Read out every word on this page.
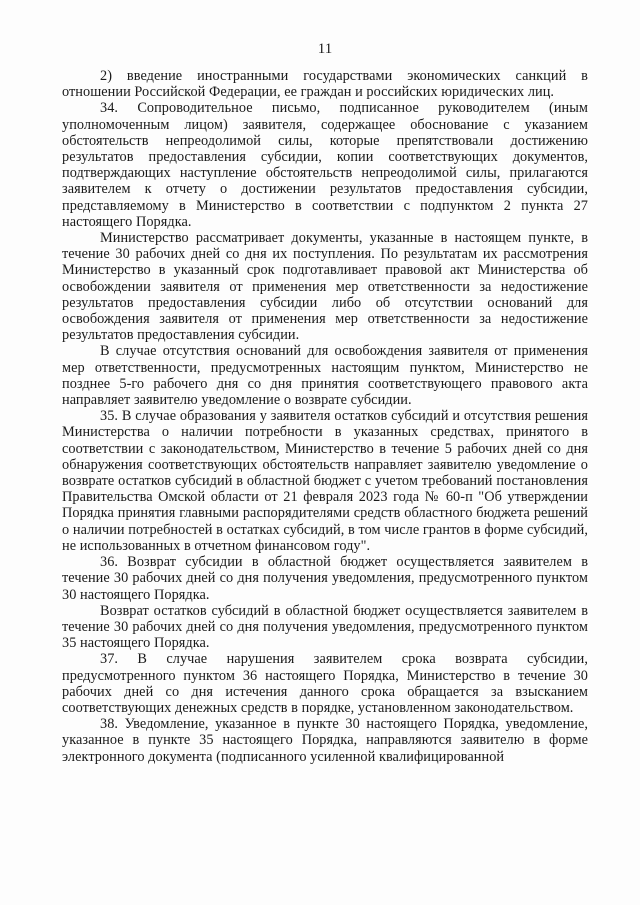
11

2) введение иностранными государствами экономических санкций в отношении Российской Федерации, ее граждан и российских юридических лиц.

34. Сопроводительное письмо, подписанное руководителем (иным уполномоченным лицом) заявителя, содержащее обоснование с указанием обстоятельств непреодолимой силы, которые препятствовали достижению результатов предоставления субсидии, копии соответствующих документов, подтверждающих наступление обстоятельств непреодолимой силы, прилагаются заявителем к отчету о достижении результатов предоставления субсидии, представляемому в Министерство в соответствии с подпунктом 2 пункта 27 настоящего Порядка.

Министерство рассматривает документы, указанные в настоящем пункте, в течение 30 рабочих дней со дня их поступления. По результатам их рассмотрения Министерство в указанный срок подготавливает правовой акт Министерства об освобождении заявителя от применения мер ответственности за недостижение результатов предоставления субсидии либо об отсутствии оснований для освобождения заявителя от применения мер ответственности за недостижение результатов предоставления субсидии.

В случае отсутствия оснований для освобождения заявителя от применения мер ответственности, предусмотренных настоящим пунктом, Министерство не позднее 5-го рабочего дня со дня принятия соответствующего правового акта направляет заявителю уведомление о возврате субсидии.

35. В случае образования у заявителя остатков субсидий и отсутствия решения Министерства о наличии потребности в указанных средствах, принятого в соответствии с законодательством, Министерство в течение 5 рабочих дней со дня обнаружения соответствующих обстоятельств направляет заявителю уведомление о возврате остатков субсидий в областной бюджет с учетом требований постановления Правительства Омской области от 21 февраля 2023 года № 60-п "Об утверждении Порядка принятия главными распорядителями средств областного бюджета решений о наличии потребностей в остатках субсидий, в том числе грантов в форме субсидий, не использованных в отчетном финансовом году".

36. Возврат субсидии в областной бюджет осуществляется заявителем в течение 30 рабочих дней со дня получения уведомления, предусмотренного пунктом 30 настоящего Порядка.

Возврат остатков субсидий в областной бюджет осуществляется заявителем в течение 30 рабочих дней со дня получения уведомления, предусмотренного пунктом 35 настоящего Порядка.

37. В случае нарушения заявителем срока возврата субсидии, предусмотренного пунктом 36 настоящего Порядка, Министерство в течение 30 рабочих дней со дня истечения данного срока обращается за взысканием соответствующих денежных средств в порядке, установленном законодательством.

38. Уведомление, указанное в пункте 30 настоящего Порядка, уведомление, указанное в пункте 35 настоящего Порядка, направляются заявителю в форме электронного документа (подписанного усиленной квалифицированной
